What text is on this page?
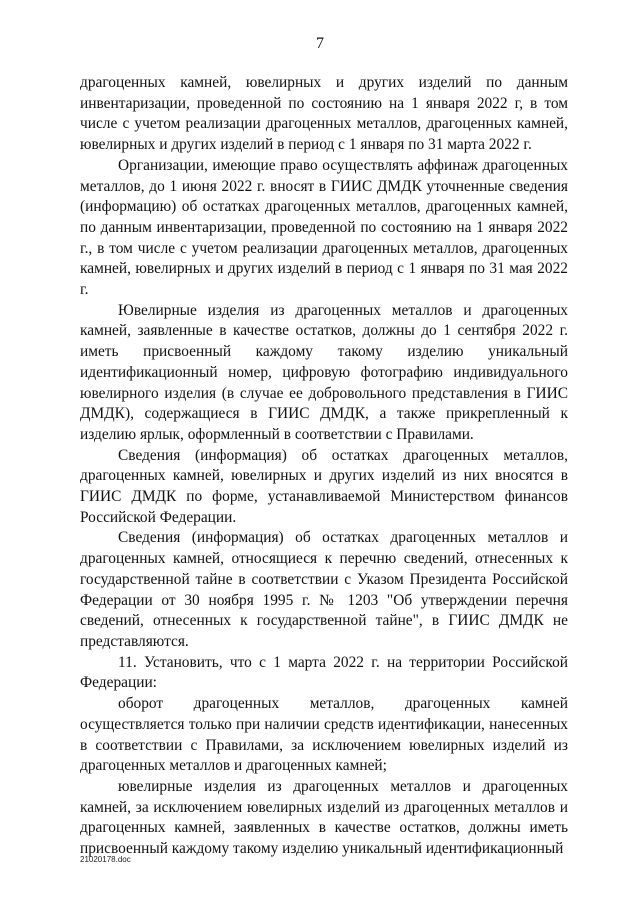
7

драгоценных камней, ювелирных и других изделий по данным инвентаризации, проведенной по состоянию на 1 января 2022 г, в том числе с учетом реализации драгоценных металлов, драгоценных камней, ювелирных и других изделий в период с 1 января по 31 марта 2022 г.

Организации, имеющие право осуществлять аффинаж драгоценных металлов, до 1 июня 2022 г. вносят в ГИИС ДМДК уточненные сведения (информацию) об остатках драгоценных металлов, драгоценных камней, по данным инвентаризации, проведенной по состоянию на 1 января 2022 г., в том числе с учетом реализации драгоценных металлов, драгоценных камней, ювелирных и других изделий в период с 1 января по 31 мая 2022 г.

Ювелирные изделия из драгоценных металлов и драгоценных камней, заявленные в качестве остатков, должны до 1 сентября 2022 г. иметь присвоенный каждому такому изделию уникальный идентификационный номер, цифровую фотографию индивидуального ювелирного изделия (в случае ее добровольного представления в ГИИС ДМДК), содержащиеся в ГИИС ДМДК, а также прикрепленный к изделию ярлык, оформленный в соответствии с Правилами.

Сведения (информация) об остатках драгоценных металлов, драгоценных камней, ювелирных и других изделий из них вносятся в ГИИС ДМДК по форме, устанавливаемой Министерством финансов Российской Федерации.

Сведения (информация) об остатках драгоценных металлов и драгоценных камней, относящиеся к перечню сведений, отнесенных к государственной тайне в соответствии с Указом Президента Российской Федерации от 30 ноября 1995 г. № 1203 "Об утверждении перечня сведений, отнесенных к государственной тайне", в ГИИС ДМДК не представляются.

11. Установить, что с 1 марта 2022 г. на территории Российской Федерации:

оборот драгоценных металлов, драгоценных камней осуществляется только при наличии средств идентификации, нанесенных в соответствии с Правилами, за исключением ювелирных изделий из драгоценных металлов и драгоценных камней;

ювелирные изделия из драгоценных металлов и драгоценных камней, за исключением ювелирных изделий из драгоценных металлов и драгоценных камней, заявленных в качестве остатков, должны иметь присвоенный каждому такому изделию уникальный идентификационный

21020178.doc
